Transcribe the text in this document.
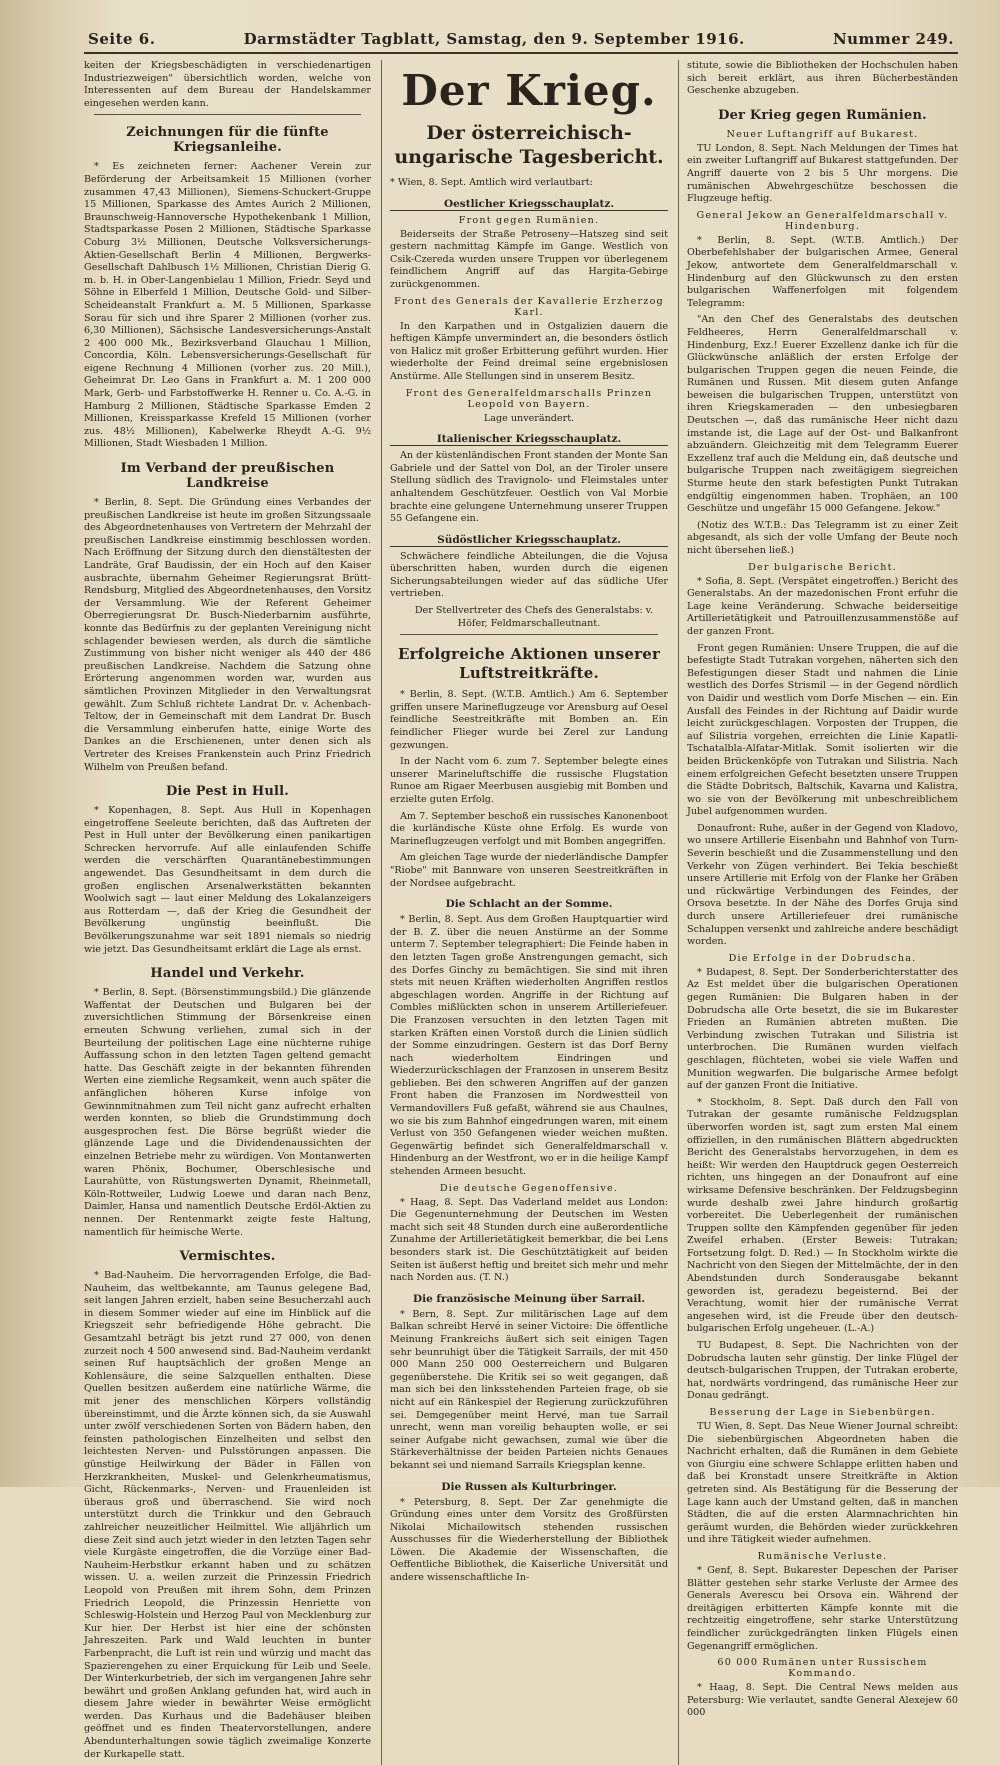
Seite 6.	Darmstädter Tagblatt, Samstag, den 9. September 1916.	Nummer 249.

keiten der Kriegsbeschädigten in verschiedenartigen Industriezweigen" übersichtlich worden, welche von Interessenten auf dem Bureau der Handelskammer eingesehen werden kann.

Zeichnungen für die fünfte Kriegsanleihe.

* Es zeichneten ferner: Aachener Verein zur Beförderung der Arbeitsamkeit 15 Millionen (vorher zusammen 47,43 Millionen), Siemens-Schuckert-Gruppe 15 Millionen, Sparkasse des Amtes Aurich 2 Millionen, Braunschweig-Hannoversche Hypothekenbank 1 Million, Stadtsparkasse Posen 2 Millionen, Städtische Sparkasse Coburg 3½ Millionen, Deutsche Volksversicherungs-Aktien-Gesellschaft Berlin 4 Millionen, Bergwerks-Gesellschaft Dahlbusch 1½ Millionen, Christian Dierig G. m. b. H. in Ober-Langenbielau 1 Million, Friedr. Seyd und Söhne in Elberfeld 1 Million, Deutsche Gold- und Silber-Scheideanstalt Frankfurt a. M. 5 Millionen, Sparkasse Sorau für sich und ihre Sparer 2 Millionen (vorher zus. 6,30 Millionen), Sächsische Landesversicherungs-Anstalt 2 400 000 Mk., Bezirksverband Glauchau 1 Million, Concordia, Köln. Lebensversicherungs-Gesellschaft für eigene Rechnung 4 Millionen (vorher zus. 20 Mill.), Geheimrat Dr. Leo Gans in Frankfurt a. M. 1 200 000 Mark, Gerb- und Farbstoffwerke H. Renner u. Co. A.-G. in Hamburg 2 Millionen, Städtische Sparkasse Emden 2 Millionen, Kreissparkasse Krefeld 15 Millionen (vorher zus. 48½ Millionen), Kabelwerke Rheydt A.-G. 9½ Millionen, Stadt Wiesbaden 1 Million.

Im Verband der preußischen Landkreise

* Berlin, 8. Sept. Die Gründung eines Verbandes der preußischen Landkreise ist heute im großen Sitzungssaale des Abgeordnetenhauses von Vertretern der Mehrzahl der preußischen Landkreise einstimmig beschlossen worden. Nach Eröffnung der Sitzung durch den dienstältesten der Landräte, Graf Baudissin, der ein Hoch auf den Kaiser ausbrachte, übernahm Geheimer Regierungsrat Brütt-Rendsburg, Mitglied des Abgeordnetenhauses, den Vorsitz der Versammlung. Wie der Referent Geheimer Oberregierungsrat Dr. Busch-Niederbarnim ausführte, konnte das Bedürfnis zu der geplanten Vereinigung nicht schlagender bewiesen werden, als durch die sämtliche Zustimmung von bisher nicht weniger als 440 der 486 preußischen Landkreise. Nachdem die Satzung ohne Erörterung angenommen worden war, wurden aus sämtlichen Provinzen Mitglieder in den Verwaltungsrat gewählt. Zum Schluß richtete Landrat Dr. v. Achenbach-Teltow, der in Gemeinschaft mit dem Landrat Dr. Busch die Versammlung einberufen hatte, einige Worte des Dankes an die Erschienenen, unter denen sich als Vertreter des Kreises Frankenstein auch Prinz Friedrich Wilhelm von Preußen befand.

Die Pest in Hull.

* Kopenhagen, 8. Sept. Aus Hull in Kopenhagen eingetroffene Seeleute berichten, daß das Auftreten der Pest in Hull unter der Bevölkerung einen panikartigen Schrecken hervorrufe. Auf alle einlaufenden Schiffe werden die verschärften Quarantänebestimmungen angewendet. Das Gesundheitsamt in dem durch die großen englischen Arsenalwerkstätten bekannten Woolwich sagt — laut einer Meldung des Lokalanzeigers aus Rotterdam —, daß der Krieg die Gesundheit der Bevölkerung ungünstig beeinflußt. Die Bevölkerungszunahme war seit 1891 niemals so niedrig wie jetzt. Das Gesundheitsamt erklärt die Lage als ernst.

Handel und Verkehr.

* Berlin, 8. Sept. (Börsenstimmungsbild.) Die glänzende Waffentat der Deutschen und Bulgaren bei der zuversichtlichen Stimmung der Börsenkreise einen erneuten Schwung verliehen, zumal sich in der Beurteilung der politischen Lage eine nüchterne ruhige Auffassung schon in den letzten Tagen geltend gemacht hatte. Das Geschäft zeigte in der bekannten führenden Werten eine ziemliche Regsamkeit, wenn auch später die anfänglichen höheren Kurse infolge von Gewinnmitnahmen zum Teil nicht ganz aufrecht erhalten werden konnten, so blieb die Grundstimmung doch ausgesprochen fest. Die Börse begrüßt wieder die glänzende Lage und die Dividendenaussichten der einzelnen Betriebe mehr zu würdigen. Von Montanwerten waren Phönix, Bochumer, Oberschlesische und Laurahütte, von Rüstungswerten Dynamit, Rheinmetall, Köln-Rottweiler, Ludwig Loewe und daran nach Benz, Daimler, Hansa und namentlich Deutsche Erdöl-Aktien zu nennen. Der Rentenmarkt zeigte feste Haltung, namentlich für heimische Werte.

Vermischtes.

* Bad-Nauheim. Die hervorragenden Erfolge, die Bad-Nauheim, das weltbekannte, am Taunus gelegene Bad, seit langen Jahren erzielt, haben seine Besucherzahl auch in diesem Sommer wieder auf eine im Hinblick auf die Kriegszeit sehr befriedigende Höhe gebracht. Die Gesamtzahl beträgt bis jetzt rund 27 000, von denen zurzeit noch 4 500 anwesend sind. Bad-Nauheim verdankt seinen Ruf hauptsächlich der großen Menge an Kohlensäure, die seine Salzquellen enthalten. Diese Quellen besitzen außerdem eine natürliche Wärme, die mit jener des menschlichen Körpers vollständig übereinstimmt, und die Ärzte können sich, da sie Auswahl unter zwölf verschiedenen Sorten von Bädern haben, den feinsten pathologischen Einzelheiten und selbst den leichtesten Nerven- und Pulsstörungen anpassen. Die günstige Heilwirkung der Bäder in Fällen von Herzkrankheiten, Muskel- und Gelenkrheumatismus, Gicht, Rückenmarks-, Nerven- und Frauenleiden ist überaus groß und überraschend. Sie wird noch unterstützt durch die Trinkkur und den Gebrauch zahlreicher neuzeitlicher Heilmittel. Wie alljährlich um diese Zeit sind auch jetzt wieder in den letzten Tagen sehr viele Kurgäste eingetroffen, die die Vorzüge einer Bad-Nauheim-Herbstkur erkannt haben und zu schätzen wissen. U. a. weilen zurzeit die Prinzessin Friedrich Leopold von Preußen mit ihrem Sohn, dem Prinzen Friedrich Leopold, die Prinzessin Henriette von Schleswig-Holstein und Herzog Paul von Mecklenburg zur Kur hier. Der Herbst ist hier eine der schönsten Jahreszeiten. Park und Wald leuchten in bunter Farbenpracht, die Luft ist rein und würzig und macht das Spazierengehen zu einer Erquickung für Leib und Seele. Der Winterkurbetrieb, der sich im vergangenen Jahre sehr bewährt und großen Anklang gefunden hat, wird auch in diesem Jahre wieder in bewährter Weise ermöglicht werden. Das Kurhaus und die Badehäuser bleiben geöffnet und es finden Theatervorstellungen, andere Abendunterhaltungen sowie täglich zweimalige Konzerte der Kurkapelle statt.

Der Krieg.
Der österreichisch-ungarische Tagesbericht.

* Wien, 8. Sept. Amtlich wird verlautbart:

Oestlicher Kriegsschauplatz.
Front gegen Rumänien.

Beiderseits der Straße Petroseny—Hatszeg sind seit gestern nachmittag Kämpfe im Gange. Westlich von Csik-Czereda wurden unsere Truppen vor überlegenem feindlichem Angriff auf das Hargita-Gebirge zurückgenommen.

Front des Generals der Kavallerie Erzherzog Karl.

In den Karpathen und in Ostgalizien dauern die heftigen Kämpfe unvermindert an, die besonders östlich von Halicz mit großer Erbitterung geführt wurden. Hier wiederholte der Feind dreimal seine ergebnislosen Anstürme. Alle Stellungen sind in unserem Besitz.

Front des Generalfeldmarschalls Prinzen Leopold von Bayern.

Lage unverändert.

Italienischer Kriegsschauplatz.

An der küstenländischen Front standen der Monte San Gabriele und der Sattel von Dol, an der Tiroler unsere Stellung südlich des Travignolo- und Fleimstales unter anhaltendem Geschützfeuer. Oestlich von Val Morbie brachte eine gelungene Unternehmung unserer Truppen 55 Gefangene ein.

Südöstlicher Kriegsschauplatz.

Schwächere feindliche Abteilungen, die die Vojusa überschritten haben, wurden durch die eigenen Sicherungsabteilungen wieder auf das südliche Ufer vertrieben.

Der Stellvertreter des Chefs des Generalstabs: v. Höfer, Feldmarschalleutnant.

Erfolgreiche Aktionen unserer Luftstreitkräfte.

* Berlin, 8. Sept. (W.T.B. Amtlich.) Am 6. September griffen unsere Marineflugzeuge vor Arensburg auf Oesel feindliche Seestreitkräfte mit Bomben an. Ein feindlicher Flieger wurde bei Zerel zur Landung gezwungen.

In der Nacht vom 6. zum 7. September belegte eines unserer Marineluftschiffe die russische Flugstation Runoe am Rigaer Meerbusen ausgiebig mit Bomben und erzielte guten Erfolg.

Am 7. September beschoß ein russisches Kanonenboot die kurländische Küste ohne Erfolg. Es wurde von Marineflugzeugen verfolgt und mit Bomben angegriffen.

Am gleichen Tage wurde der niederländische Dampfer "Riobe" mit Bannware von unseren Seestreitkräften in der Nordsee aufgebracht.

Die Schlacht an der Somme.

* Berlin, 8. Sept. Aus dem Großen Hauptquartier wird der B. Z. über die neuen Anstürme an der Somme unterm 7. September telegraphiert: Die Feinde haben in den letzten Tagen große Anstrengungen gemacht, sich des Dorfes Ginchy zu bemächtigen. Sie sind mit ihren stets mit neuen Kräften wiederholten Angriffen restlos abgeschlagen worden. Angriffe in der Richtung auf Combles mißlückten schon in unserem Artilleriefeuer. Die Franzosen versuchten in den letzten Tagen mit starken Kräften einen Vorstoß durch die Linien südlich der Somme einzudringen. Gestern ist das Dorf Berny nach wiederholtem Eindringen und Wiederzurückschlagen der Franzosen in unserem Besitz geblieben. Bei den schweren Angriffen auf der ganzen Front haben die Franzosen im Nordwestteil von Vermandovillers Fuß gefaßt, während sie aus Chaulnes, wo sie bis zum Bahnhof eingedrungen waren, mit einem Verlust von 350 Gefangenen wieder weichen mußten. Gegenwärtig befindet sich Generalfeldmarschall v. Hindenburg an der Westfront, wo er in die heilige Kampf stehenden Armeen besucht.

Die deutsche Gegenoffensive.

* Haag, 8. Sept. Das Vaderland meldet aus London: Die Gegenunternehmung der Deutschen im Westen macht sich seit 48 Stunden durch eine außerordentliche Zunahme der Artillerietätigkeit bemerkbar, die bei Lens besonders stark ist. Die Geschütztätigkeit auf beiden Seiten ist äußerst heftig und breitet sich mehr und mehr nach Norden aus. (T. N.)

Die französische Meinung über Sarrail.

* Bern, 8. Sept. Zur militärischen Lage auf dem Balkan schreibt Hervé in seiner Victoire: Die öffentliche Meinung Frankreichs äußert sich seit einigen Tagen sehr beunruhigt über die Tätigkeit Sarrails, der mit 450 000 Mann 250 000 Oesterreichern und Bulgaren gegenüberstehe. Die Kritik sei so weit gegangen, daß man sich bei den linksstehenden Parteien frage, ob sie nicht auf ein Ränkespiel der Regierung zurückzuführen sei. Demgegenüber meint Hervé, man tue Sarrail unrecht, wenn man voreilig behaupten wolle, er sei seiner Aufgabe nicht gewachsen, zumal wie über die Stärkeverhältnisse der beiden Parteien nichts Genaues bekannt sei und niemand Sarrails Kriegsplan kenne.

Die Russen als Kulturbringer.

* Petersburg, 8. Sept. Der Zar genehmigte die Gründung eines unter dem Vorsitz des Großfürsten Nikolai Michailowitsch stehenden russischen Ausschusses für die Wiederherstellung der Bibliothek Löwen. Die Akademie der Wissenschaften, die Oeffentliche Bibliothek, die Kaiserliche Universität und andere wissenschaftliche In-

stitute, sowie die Bibliotheken der Hochschulen haben sich bereit erklärt, aus ihren Bücherbeständen Geschenke abzugeben.

Der Krieg gegen Rumänien.
Neuer Luftangriff auf Bukarest.

TU London, 8. Sept. Nach Meldungen der Times hat ein zweiter Luftangriff auf Bukarest stattgefunden. Der Angriff dauerte von 2 bis 5 Uhr morgens. Die rumänischen Abwehrgeschütze beschossen die Flugzeuge heftig.

General Jekow an Generalfeldmarschall v. Hindenburg.

* Berlin, 8. Sept. (W.T.B. Amtlich.) Der Oberbefehlshaber der bulgarischen Armee, General Jekow, antwortete dem Generalfeldmarschall v. Hindenburg auf den Glückwunsch zu den ersten bulgarischen Waffenerfolgen mit folgendem Telegramm:

"An den Chef des Generalstabs des deutschen Feldheeres, Herrn Generalfeldmarschall v. Hindenburg, Exz.! Euerer Exzellenz danke ich für die Glückwünsche anläßlich der ersten Erfolge der bulgarischen Truppen gegen die neuen Feinde, die Rumänen und Russen. Mit diesem guten Anfange beweisen die bulgarischen Truppen, unterstützt von ihren Kriegskameraden — den unbesiegbaren Deutschen —, daß das rumänische Heer nicht dazu imstande ist, die Lage auf der Ost- und Balkanfront abzuändern. Gleichzeitig mit dem Telegramm Euerer Exzellenz traf auch die Meldung ein, daß deutsche und bulgarische Truppen nach zweitägigem siegreichen Sturme heute den stark befestigten Punkt Tutrakan endgültig eingenommen haben. Trophäen, an 100 Geschütze und ungefähr 15 000 Gefangene. Jekow."

(Notiz des W.T.B.: Das Telegramm ist zu einer Zeit abgesandt, als sich der volle Umfang der Beute noch nicht übersehen ließ.)

Der bulgarische Bericht.

* Sofia, 8. Sept. (Verspätet eingetroffen.) Bericht des Generalstabs. An der mazedonischen Front erfuhr die Lage keine Veränderung. Schwache beiderseitige Artillerietätigkeit und Patrouillenzusammenstöße auf der ganzen Front.

Front gegen Rumänien: Unsere Truppen, die auf die befestigte Stadt Tutrakan vorgehen, näherten sich den Befestigungen dieser Stadt und nahmen die Linie westlich des Dorfes Strismil — in der Gegend nördlich von Daidir und westlich vom Dorfe Mischen — ein. Ein Ausfall des Feindes in der Richtung auf Daidir wurde leicht zurückgeschlagen. Vorposten der Truppen, die auf Silistria vorgehen, erreichten die Linie Kapatli-Tschatalbla-Alfatar-Mitlak. Somit isolierten wir die beiden Brückenköpfe von Tutrakan und Silistria. Nach einem erfolgreichen Gefecht besetzten unsere Truppen die Städte Dobritsch, Baltschik, Kavarna und Kalistra, wo sie von der Bevölkerung mit unbeschreiblichem Jubel aufgenommen wurden.

Donaufront: Ruhe, außer in der Gegend von Kladovo, wo unsere Artillerie Eisenbahn und Bahnhof von Turn-Severin beschießt und die Zusammenstellung und den Verkehr von Zügen verhindert. Bei Tekia beschießt unsere Artillerie mit Erfolg von der Flanke her Gräben und rückwärtige Verbindungen des Feindes, der Orsova besetzte. In der Nähe des Dorfes Gruja sind durch unsere Artilleriefeuer drei rumänische Schaluppen versenkt und zahlreiche andere beschädigt worden.

Die Erfolge in der Dobrudscha.

* Budapest, 8. Sept. Der Sonderberichterstatter des Az Est meldet über die bulgarischen Operationen gegen Rumänien: Die Bulgaren haben in der Dobrudscha alle Orte besetzt, die sie im Bukarester Frieden an Rumänien abtreten mußten. Die Verbindung zwischen Tutrakan und Silistria ist unterbrochen. Die Rumänen wurden vielfach geschlagen, flüchteten, wobei sie viele Waffen und Munition wegwarfen. Die bulgarische Armee befolgt auf der ganzen Front die Initiative.

* Stockholm, 8. Sept. Daß durch den Fall von Tutrakan der gesamte rumänische Feldzugsplan überworfen worden ist, sagt zum ersten Mal einem offiziellen, in den rumänischen Blättern abgedruckten Bericht des Generalstabs hervorzugehen, in dem es heißt: Wir werden den Hauptdruck gegen Oesterreich richten, uns hingegen an der Donaufront auf eine wirksame Defensive beschränken. Der Feldzugsbeginn wurde deshalb zwei Jahre hindurch großartig vorbereitet. Die Ueberlegenheit der rumänischen Truppen sollte den Kämpfenden gegenüber für jeden Zweifel erhaben. (Erster Beweis: Tutrakan; Fortsetzung folgt. D. Red.) — In Stockholm wirkte die Nachricht von den Siegen der Mittelmächte, der in den Abendstunden durch Sonderausgabe bekannt geworden ist, geradezu begeisternd. Bei der Verachtung, womit hier der rumänische Verrat angesehen wird, ist die Freude über den deutsch-bulgarischen Erfolg ungeheuer. (L.-A.)

TU Budapest, 8. Sept. Die Nachrichten von der Dobrudscha lauten sehr günstig. Der linke Flügel der deutsch-bulgarischen Truppen, der Tutrakan eroberte, hat, nordwärts vordringend, das rumänische Heer zur Donau gedrängt.

Besserung der Lage in Siebenbürgen.

TU Wien, 8. Sept. Das Neue Wiener Journal schreibt: Die siebenbürgischen Abgeordneten haben die Nachricht erhalten, daß die Rumänen in dem Gebiete von Giurgiu eine schwere Schlappe erlitten haben und daß bei Kronstadt unsere Streitkräfte in Aktion getreten sind. Als Bestätigung für die Besserung der Lage kann auch der Umstand gelten, daß in manchen Städten, die auf die ersten Alarmnachrichten hin geräumt wurden, die Behörden wieder zurückkehren und ihre Tätigkeit wieder aufnehmen.

Rumänische Verluste.

* Genf, 8. Sept. Bukarester Depeschen der Pariser Blätter gestehen sehr starke Verluste der Armee des Generals Averescu bei Orsova ein. Während der dreitägigen erbitterten Kämpfe konnte mit die rechtzeitig eingetroffene, sehr starke Unterstützung feindlicher zurückgedrängten linken Flügels einen Gegenangriff ermöglichen.

60 000 Rumänen unter Russischem Kommando.

* Haag, 8. Sept. Die Central News melden aus Petersburg: Wie verlautet, sandte General Alexejew 60 000
